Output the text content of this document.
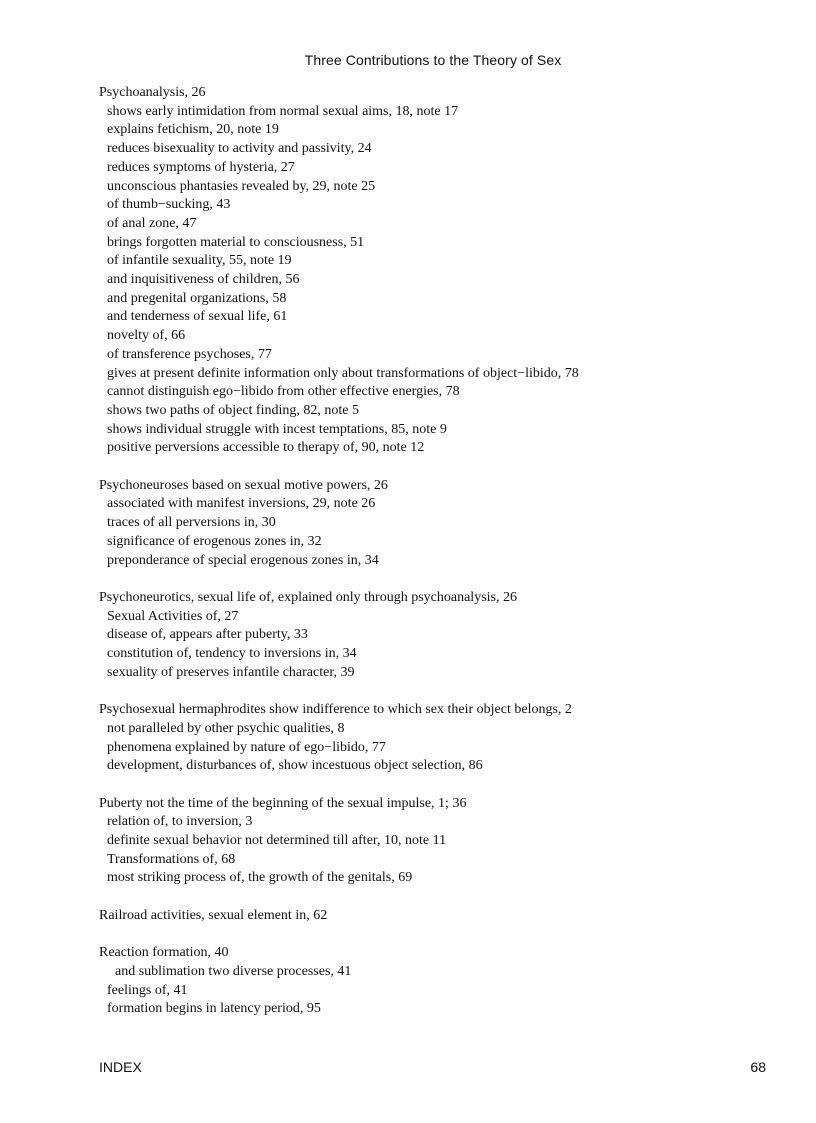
Three Contributions to the Theory of Sex
Psychoanalysis, 26
shows early intimidation from normal sexual aims, 18, note 17
explains fetichism, 20, note 19
reduces bisexuality to activity and passivity, 24
reduces symptoms of hysteria, 27
unconscious phantasies revealed by, 29, note 25
of thumb−sucking, 43
of anal zone, 47
brings forgotten material to consciousness, 51
of infantile sexuality, 55, note 19
and inquisitiveness of children, 56
and pregenital organizations, 58
and tenderness of sexual life, 61
novelty of, 66
of transference psychoses, 77
gives at present definite information only about transformations of object−libido, 78
cannot distinguish ego−libido from other effective energies, 78
shows two paths of object finding, 82, note 5
shows individual struggle with incest temptations, 85, note 9
positive perversions accessible to therapy of, 90, note 12
Psychoneuroses based on sexual motive powers, 26
associated with manifest inversions, 29, note 26
traces of all perversions in, 30
significance of erogenous zones in, 32
preponderance of special erogenous zones in, 34
Psychoneurotics, sexual life of, explained only through psychoanalysis, 26
Sexual Activities of, 27
disease of, appears after puberty, 33
constitution of, tendency to inversions in, 34
sexuality of preserves infantile character, 39
Psychosexual hermaphrodites show indifference to which sex their object belongs, 2
not paralleled by other psychic qualities, 8
phenomena explained by nature of ego−libido, 77
development, disturbances of, show incestuous object selection, 86
Puberty not the time of the beginning of the sexual impulse, 1; 36
relation of, to inversion, 3
definite sexual behavior not determined till after, 10, note 11
Transformations of, 68
most striking process of, the growth of the genitals, 69
Railroad activities, sexual element in, 62
Reaction formation, 40
and sublimation two diverse processes, 41
feelings of, 41
formation begins in latency period, 95
INDEX	68
